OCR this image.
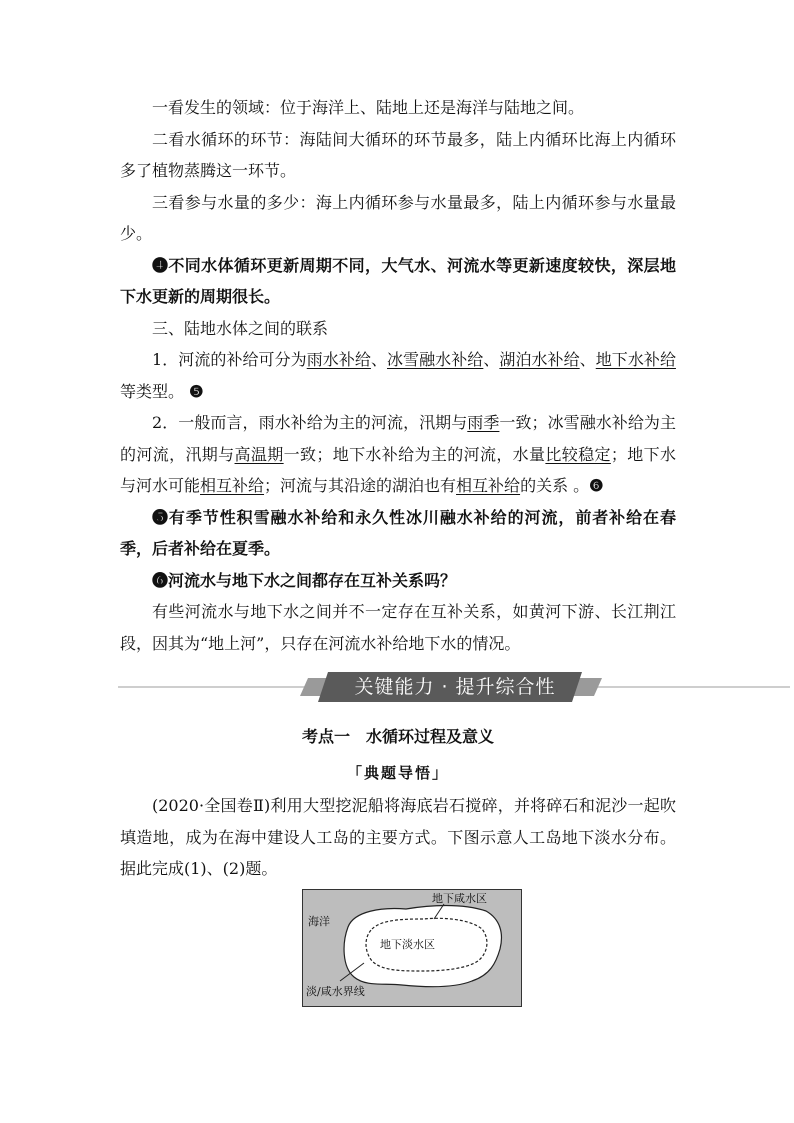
一看发生的领域：位于海洋上、陆地上还是海洋与陆地之间。

二看水循环的环节：海陆间大循环的环节最多，陆上内循环比海上内循环多了植物蒸腾这一环节。

三看参与水量的多少：海上内循环参与水量最多，陆上内循环参与水量最少。

❹不同水体循环更新周期不同，大气水、河流水等更新速度较快，深层地下水更新的周期很长。

三、陆地水体之间的联系

1．河流的补给可分为雨水补给、冰雪融水补给、湖泊水补给、地下水补给等类型。 ❺

2．一般而言，雨水补给为主的河流，汛期与雨季一致；冰雪融水补给为主的河流，汛期与高温期一致；地下水补给为主的河流，水量比较稳定；地下水与河水可能相互补给；河流与其沿途的湖泊也有相互补给的关系 。❻

❺有季节性积雪融水补给和永久性冰川融水补给的河流，前者补给在春季，后者补给在夏季。

❻河流水与地下水之间都存在互补关系吗？

有些河流水与地下水之间并不一定存在互补关系，如黄河下游、长江荆江段，因其为“地上河”，只存在河流水补给地下水的情况。

关键能力 · 提升综合性
考点一　水循环过程及意义
「典题导悟」

(2020·全国卷Ⅱ)利用大型挖泥船将海底岩石搅碎，并将碎石和泥沙一起吹填造地，成为在海中建设人工岛的主要方式。下图示意人工岛地下淡水分布。据此完成(1)、(2)题。

海洋
地下咸水区
地下淡水区
淡/咸水界线
